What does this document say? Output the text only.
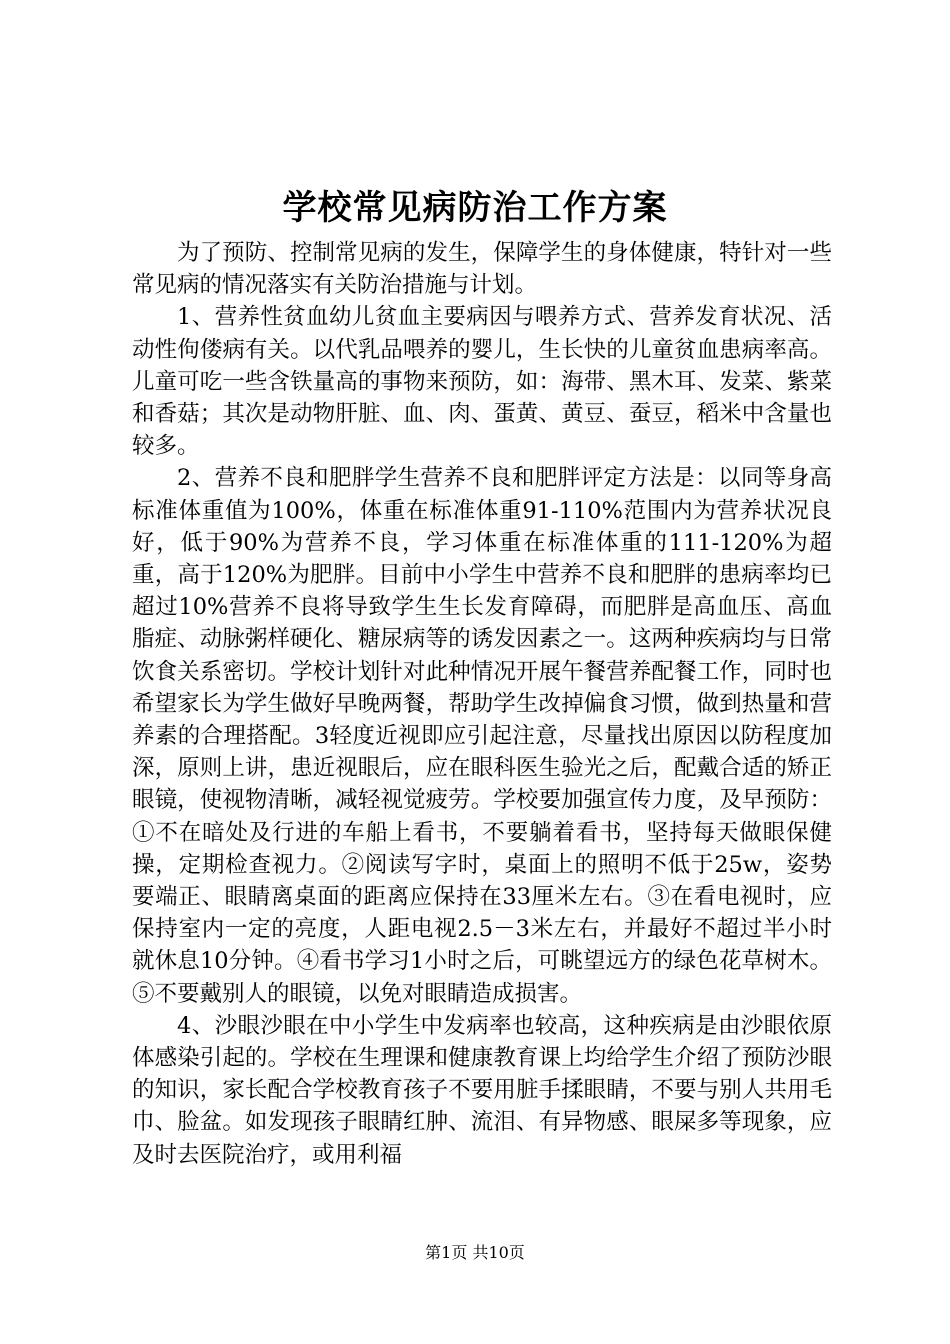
学校常见病防治工作方案

为了预防、控制常见病的发生，保障学生的身体健康，特针对一些常见病的情况落实有关防治措施与计划。

1、营养性贫血幼儿贫血主要病因与喂养方式、营养发育状况、活动性佝偻病有关。以代乳品喂养的婴儿，生长快的儿童贫血患病率高。儿童可吃一些含铁量高的事物来预防，如：海带、黑木耳、发菜、紫菜和香菇；其次是动物肝脏、血、肉、蛋黄、黄豆、蚕豆，稻米中含量也较多。

2、营养不良和肥胖学生营养不良和肥胖评定方法是：以同等身高标准体重值为100%，体重在标准体重91-110%范围内为营养状况良好，低于90%为营养不良，学习体重在标准体重的111-120%为超重，高于120%为肥胖。目前中小学生中营养不良和肥胖的患病率均已超过10%营养不良将导致学生生长发育障碍，而肥胖是高血压、高血脂症、动脉粥样硬化、糖尿病等的诱发因素之一。这两种疾病均与日常饮食关系密切。学校计划针对此种情况开展午餐营养配餐工作，同时也希望家长为学生做好早晚两餐，帮助学生改掉偏食习惯，做到热量和营养素的合理搭配。3轻度近视即应引起注意，尽量找出原因以防程度加深，原则上讲，患近视眼后，应在眼科医生验光之后，配戴合适的矫正眼镜，使视物清晰，减轻视觉疲劳。学校要加强宣传力度，及早预防：①不在暗处及行进的车船上看书，不要躺着看书，坚持每天做眼保健操，定期检查视力。②阅读写字时，桌面上的照明不低于25w，姿势要端正、眼睛离桌面的距离应保持在33厘米左右。③在看电视时，应保持室内一定的亮度，人距电视2.5－3米左右，并最好不超过半小时就休息10分钟。④看书学习1小时之后，可眺望远方的绿色花草树木。⑤不要戴别人的眼镜，以免对眼睛造成损害。

4、沙眼沙眼在中小学生中发病率也较高，这种疾病是由沙眼依原体感染引起的。学校在生理课和健康教育课上均给学生介绍了预防沙眼的知识，家长配合学校教育孩子不要用脏手揉眼睛，不要与别人共用毛巾、脸盆。如发现孩子眼睛红肿、流泪、有异物感、眼屎多等现象，应及时去医院治疗，或用利福

第1页 共10页
